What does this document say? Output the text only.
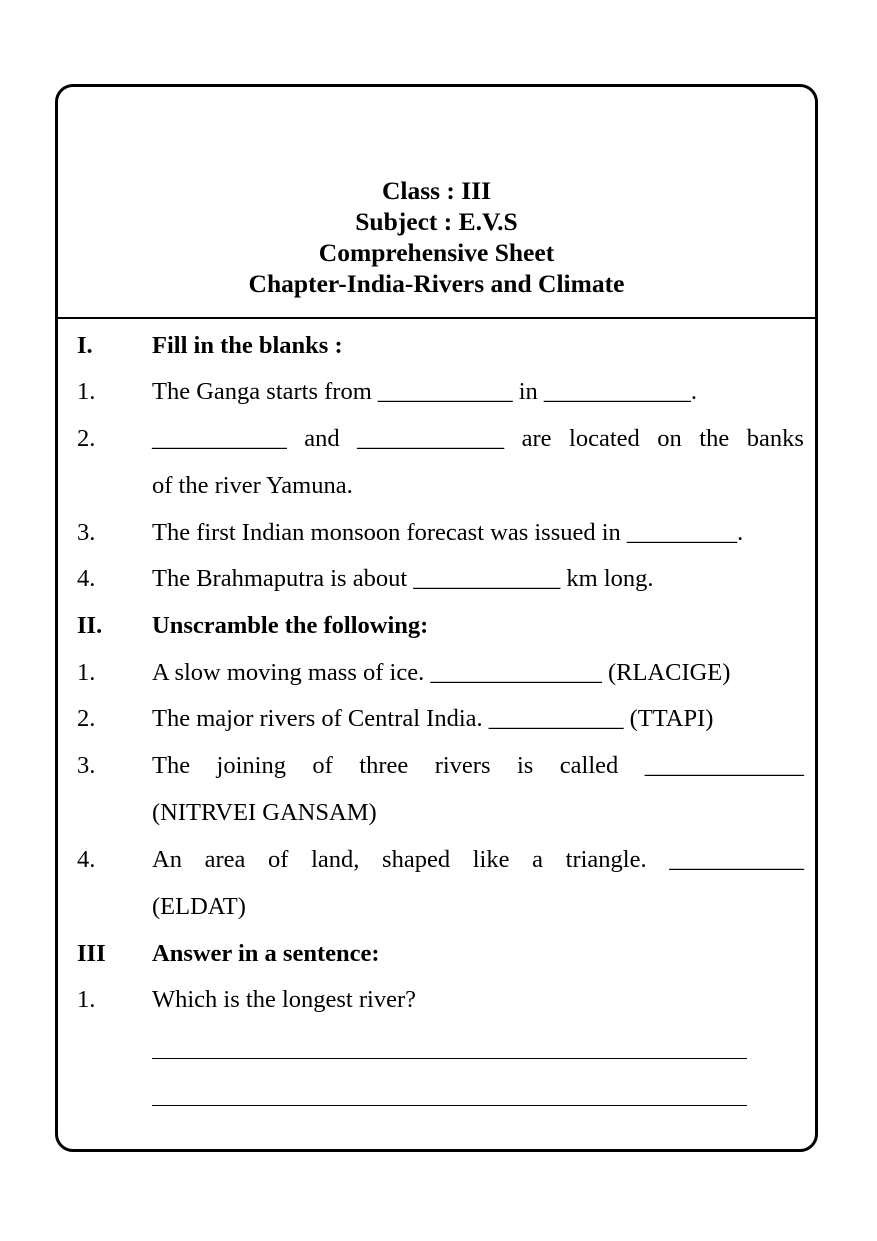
Class : III
Subject : E.V.S
Comprehensive Sheet
Chapter-India-Rivers and Climate
I. Fill in the blanks :
1. The Ganga starts from ___________ in ____________.
2. ___________ and ____________ are located on the banks
of the river Yamuna.
3. The first Indian monsoon forecast was issued in _________.
4. The Brahmaputra is about ____________ km long.
II. Unscramble the following:
1. A slow moving mass of ice. ______________ (RLACIGE)
2. The major rivers of Central India. ___________ (TTAPI)
3. The joining of three rivers is called _____________
(NITRVEI GANSAM)
4. An area of land, shaped like a triangle. ___________
(ELDAT)
III Answer in a sentence:
1. Which is the longest river?
